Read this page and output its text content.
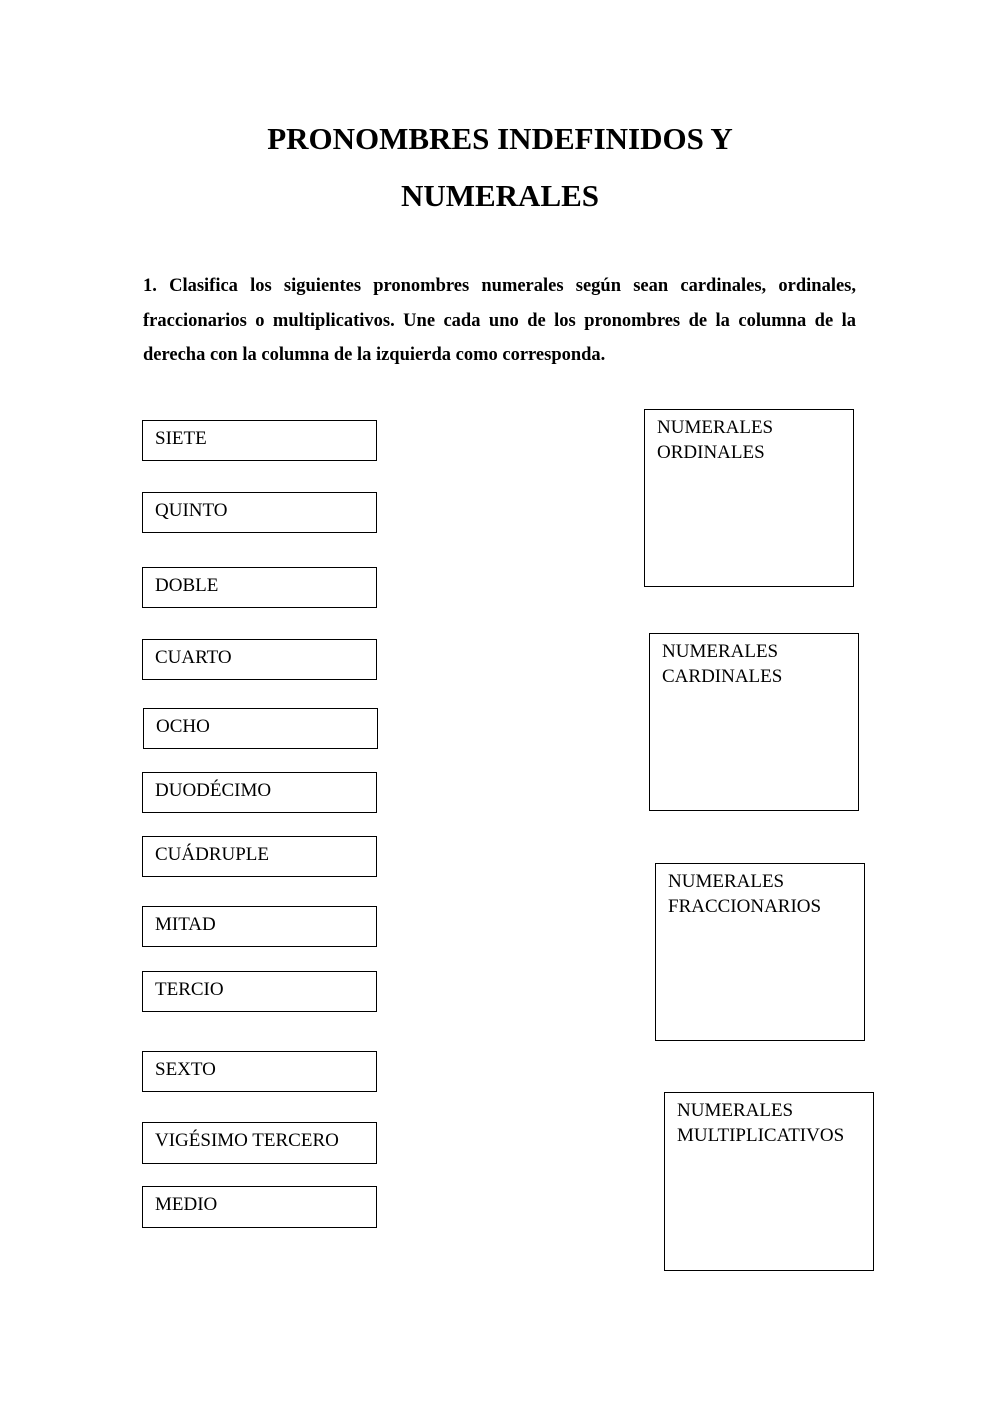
PRONOMBRES INDEFINIDOS Y
NUMERALES

1. Clasifica los siguientes pronombres numerales según sean cardinales, ordinales, fraccionarios o multiplicativos. Une cada uno de los pronombres de la columna de la derecha con la columna de la izquierda como corresponda.

SIETE
QUINTO
DOBLE
CUARTO
OCHO
DUODÉCIMO
CUÁDRUPLE
MITAD
TERCIO
SEXTO
VIGÉSIMO TERCERO
MEDIO
NUMERALES
ORDINALES
NUMERALES
CARDINALES
NUMERALES
FRACCIONARIOS
NUMERALES
MULTIPLICATIVOS
